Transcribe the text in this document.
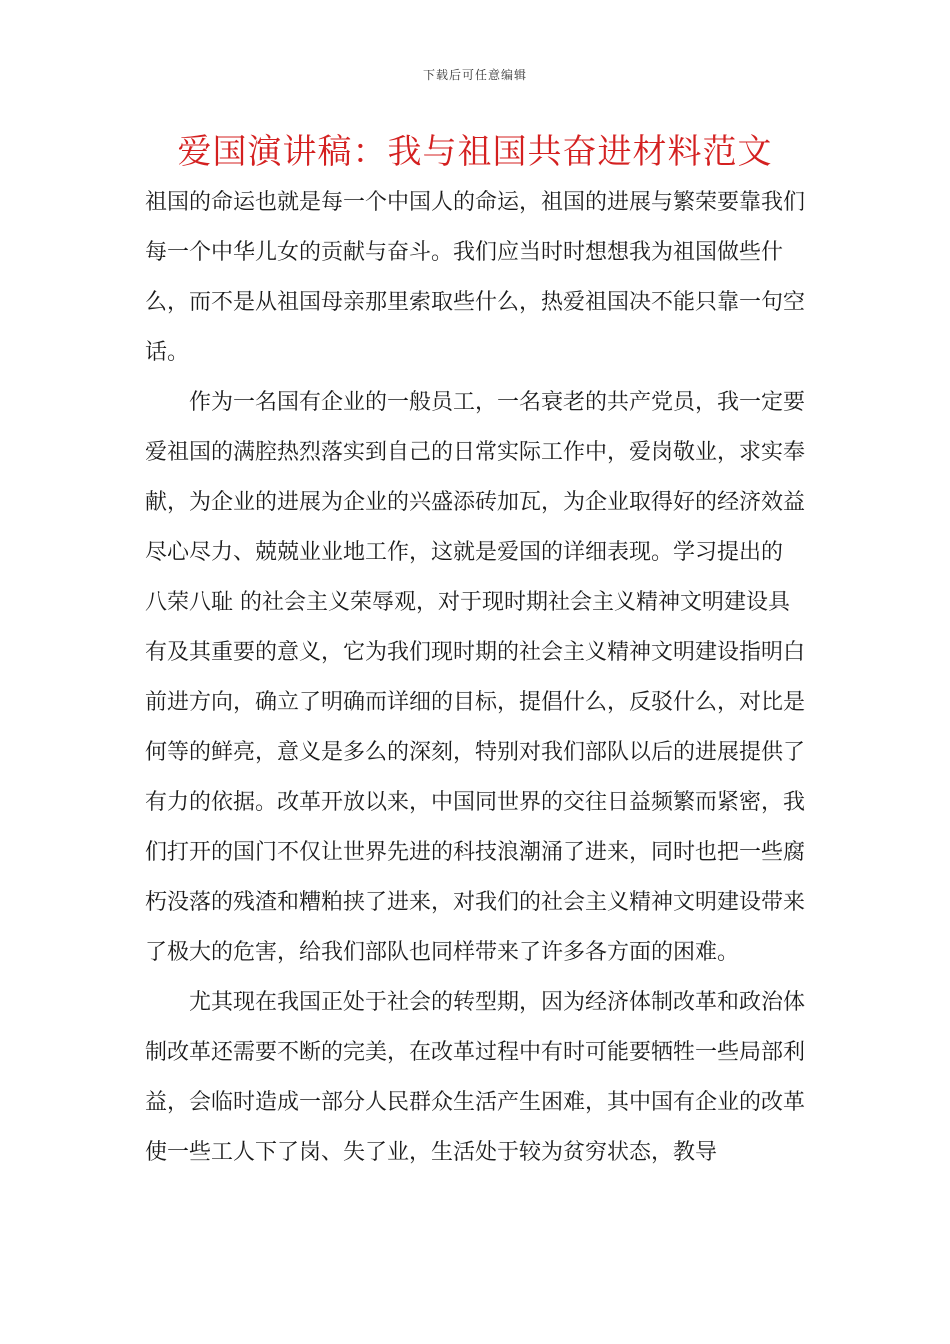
下载后可任意编辑
爱国演讲稿：我与祖国共奋进材料范文

祖国的命运也就是每一个中国人的命运，祖国的进展与繁荣要靠我们每一个中华儿女的贡献与奋斗。我们应当时时想想我为祖国做些什么，而不是从祖国母亲那里索取些什么，热爱祖国决不能只靠一句空话。

作为一名国有企业的一般员工，一名衰老的共产党员，我一定要爱祖国的满腔热烈落实到自己的日常实际工作中，爱岗敬业，求实奉献，为企业的进展为企业的兴盛添砖加瓦，为企业取得好的经济效益尽心尽力、兢兢业业地工作，这就是爱国的详细表现。学习提出的 八荣八耻 的社会主义荣辱观，对于现时期社会主义精神文明建设具有及其重要的意义，它为我们现时期的社会主义精神文明建设指明白前进方向，确立了明确而详细的目标，提倡什么，反驳什么，对比是何等的鲜亮，意义是多么的深刻，特别对我们部队以后的进展提供了有力的依据。改革开放以来，中国同世界的交往日益频繁而紧密，我们打开的国门不仅让世界先进的科技浪潮涌了进来，同时也把一些腐朽没落的残渣和糟粕挟了进来，对我们的社会主义精神文明建设带来了极大的危害，给我们部队也同样带来了许多各方面的困难。

尤其现在我国正处于社会的转型期，因为经济体制改革和政治体制改革还需要不断的完美，在改革过程中有时可能要牺牲一些局部利益，会临时造成一部分人民群众生活产生困难，其中国有企业的改革使一些工人下了岗、失了业，生活处于较为贫穷状态，教导
